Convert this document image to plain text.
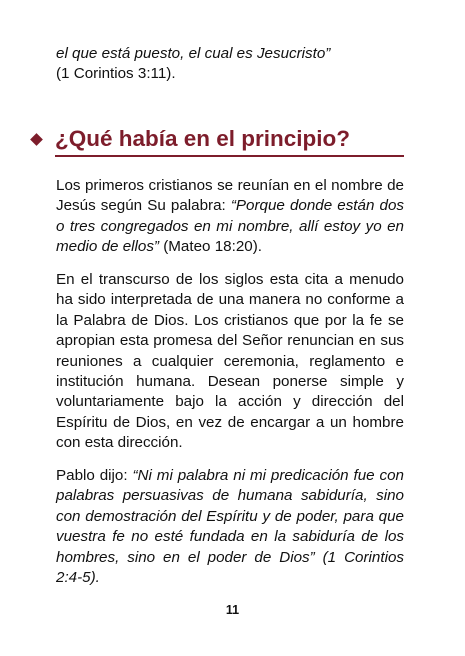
el que está puesto, el cual es Jesucristo”
(1 Corintios 3:11).

¿Qué había en el principio?

Los primeros cristianos se reunían en el nombre de Jesús según Su palabra: “Porque donde están dos o tres congregados en mi nombre, allí estoy yo en medio de ellos” (Mateo 18:20).

En el transcurso de los siglos esta cita a menudo ha sido interpretada de una manera no conforme a la Palabra de Dios. Los cristianos que por la fe se apropian esta promesa del Señor renuncian en sus reuniones a cualquier ceremonia, reglamento e institución humana. Desean ponerse simple y voluntariamente bajo la acción y dirección del Espíritu de Dios, en vez de encargar a un hombre con esta dirección.

Pablo dijo: “Ni mi palabra ni mi predicación fue con palabras persuasivas de humana sabiduría, sino con demostración del Espíritu y de poder, para que vuestra fe no esté fundada en la sabiduría de los hombres, sino en el poder de Dios” (1 Corintios 2:4-5).

11
